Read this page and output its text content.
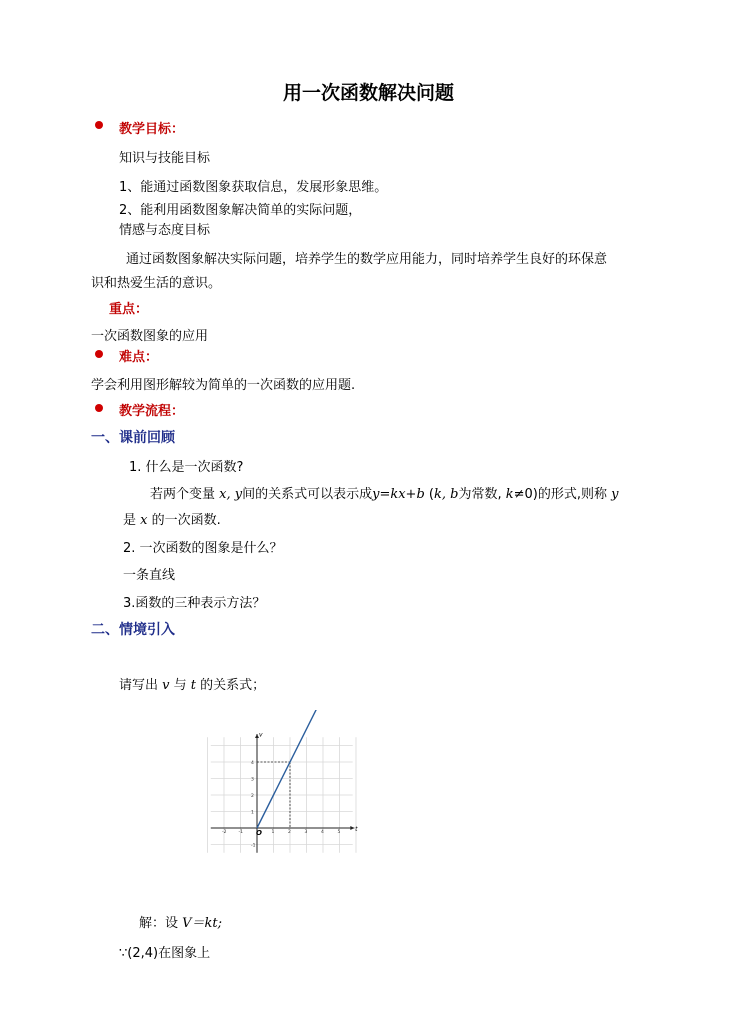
用一次函数解决问题
教学目标：
知识与技能目标
1、能通过函数图象获取信息，发展形象思维。
2、能利用函数图象解决简单的实际问题，
情感与态度目标
通过函数图象解决实际问题，培养学生的数学应用能力，同时培养学生良好的环保意
识和热爱生活的意识。
重点：
一次函数图象的应用
难点：
学会利用图形解较为简单的一次函数的应用题.
教学流程：
一、课前回顾
1. 什么是一次函数?
若两个变量 x, y间的关系式可以表示成y=kx+b (k, b为常数, k≠0)的形式,则称 y
是 x 的一次函数.
2. 一次函数的图象是什么？
一条直线
3.函数的三种表示方法？
二、情境引入
请写出 v 与 t 的关系式；
t
v
O
-2	-1	1	2	3	4	5
-1
1
2
3
4
解：设 V＝kt;
∵(2,4)在图象上
